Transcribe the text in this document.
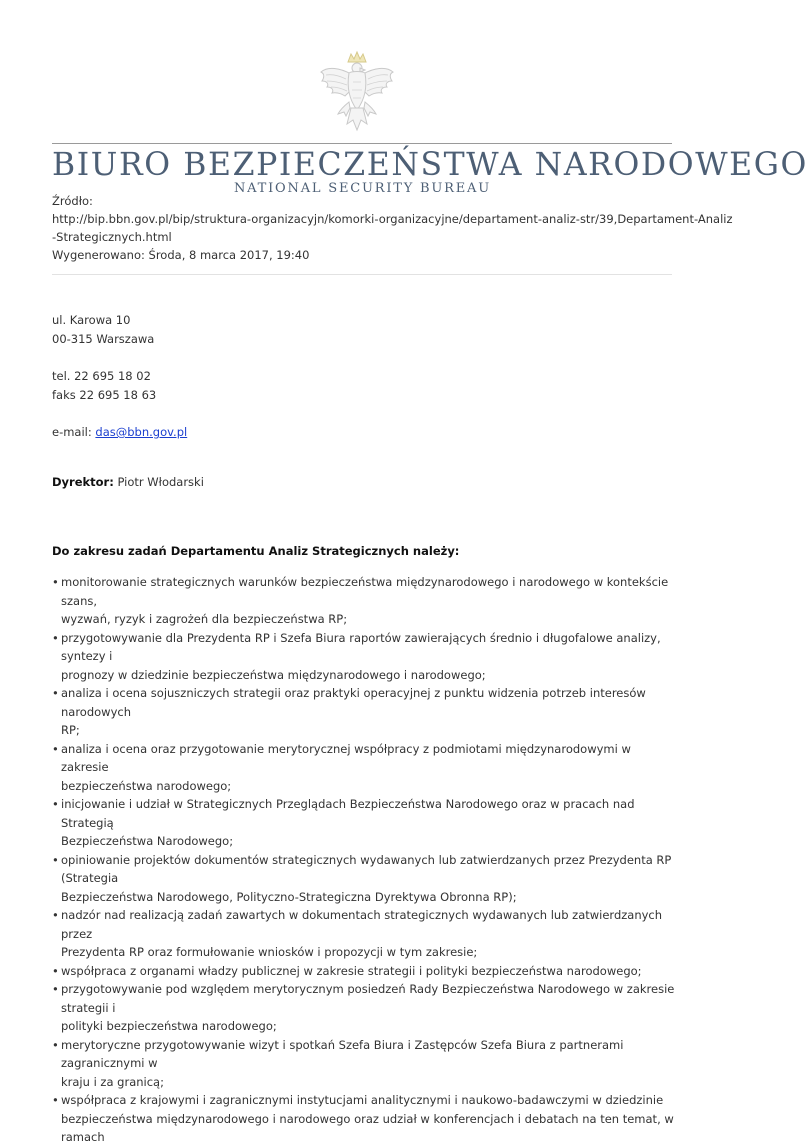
BIURO BEZPIECZEŃSTWA NARODOWEGO
NATIONAL SECURITY BUREAU
Źródło:
http://bip.bbn.gov.pl/bip/struktura-organizacyjn/komorki-organizacyjne/departament-analiz-str/39,Departament-Analiz
-Strategicznych.html
Wygenerowano: Środa, 8 marca 2017, 19:40
ul. Karowa 10
00-315 Warszawa
tel. 22 695 18 02
faks 22 695 18 63
e-mail: das@bbn.gov.pl
Dyrektor: Piotr Włodarski
Do zakresu zadań Departamentu Analiz Strategicznych należy:
• monitorowanie strategicznych warunków bezpieczeństwa międzynarodowego i narodowego w kontekście szans,
wyzwań, ryzyk i zagrożeń dla bezpieczeństwa RP;
• przygotowywanie dla Prezydenta RP i Szefa Biura raportów zawierających średnio i długofalowe analizy, syntezy i
prognozy w dziedzinie bezpieczeństwa międzynarodowego i narodowego;
• analiza i ocena sojuszniczych strategii oraz praktyki operacyjnej z punktu widzenia potrzeb interesów narodowych
RP;
• analiza i ocena oraz przygotowanie merytorycznej współpracy z podmiotami międzynarodowymi w zakresie
bezpieczeństwa narodowego;
• inicjowanie i udział w Strategicznych Przeglądach Bezpieczeństwa Narodowego oraz w pracach nad Strategią
Bezpieczeństwa Narodowego;
• opiniowanie projektów dokumentów strategicznych wydawanych lub zatwierdzanych przez Prezydenta RP (Strategia
Bezpieczeństwa Narodowego, Polityczno-Strategiczna Dyrektywa Obronna RP);
• nadzór nad realizacją zadań zawartych w dokumentach strategicznych wydawanych lub zatwierdzanych przez
Prezydenta RP oraz formułowanie wniosków i propozycji w tym zakresie;
• współpraca z organami władzy publicznej w zakresie strategii i polityki bezpieczeństwa narodowego;
• przygotowywanie pod względem merytorycznym posiedzeń Rady Bezpieczeństwa Narodowego w zakresie strategii i
polityki bezpieczeństwa narodowego;
• merytoryczne przygotowywanie wizyt i spotkań Szefa Biura i Zastępców Szefa Biura z partnerami zagranicznymi w
kraju i za granicą;
• współpraca z krajowymi i zagranicznymi instytucjami analitycznymi i naukowo-badawczymi w dziedzinie
bezpieczeństwa międzynarodowego i narodowego oraz udział w konferencjach i debatach na ten temat, w ramach
